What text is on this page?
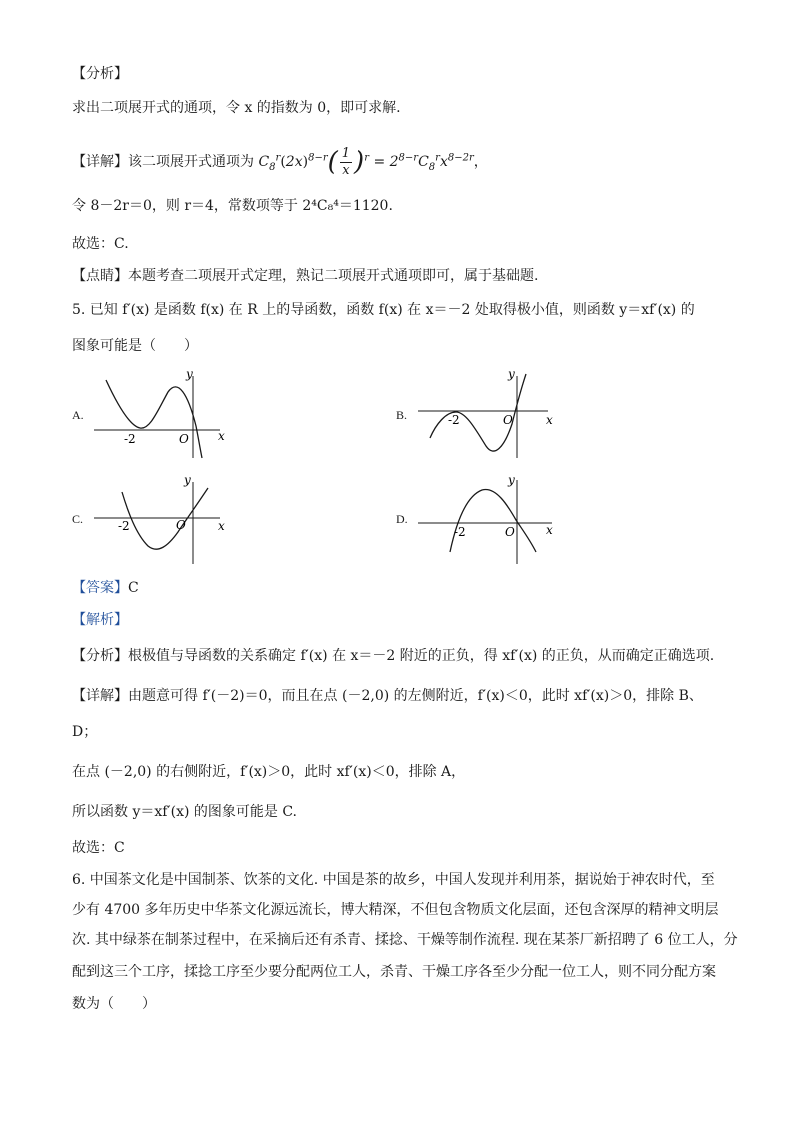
【分析】
求出二项展开式的通项，令 x 的指数为 0，即可求解.
【详解】该二项展开式通项为 $C_8^r(2x)^{8-r}( \frac{1}{x} )^r = 2^{8-r}C_8^rx^{8-2r}$，
令 8－2r＝0，则 r＝4，常数项等于 2⁴C₈⁴＝1120.
故选：C.
【点睛】本题考查二项展开式定理，熟记二项展开式通项即可，属于基础题.
5. 已知 f′(x) 是函数 f(x) 在 R 上的导函数，函数 f(x) 在 x＝－2 处取得极小值，则函数 y＝xf′(x) 的
图象可能是（　　）
A.
y
x
O
-2
B.
y
x
O
-2
C.
y
x
O
-2	D.
y
x
O
-2
【答案】C
【解析】
【分析】根极值与导函数的关系确定 f′(x) 在 x＝－2 附近的正负，得 xf′(x) 的正负，从而确定正确选项.
【详解】由题意可得 f′(－2)＝0，而且在点 (－2,0) 的左侧附近，f′(x)＜0，此时 xf′(x)＞0，排除 B、
D；
在点 (－2,0) 的右侧附近，f′(x)＞0，此时 xf′(x)＜0，排除 A，
所以函数 y＝xf′(x) 的图象可能是 C.
故选：C
6. 中国茶文化是中国制茶、饮茶的文化. 中国是茶的故乡，中国人发现并利用茶，据说始于神农时代，至
少有 4700 多年历史中华茶文化源远流长，博大精深，不但包含物质文化层面，还包含深厚的精神文明层
次. 其中绿茶在制茶过程中，在采摘后还有杀青、揉捻、干燥等制作流程. 现在某茶厂新招聘了 6 位工人，分
配到这三个工序，揉捻工序至少要分配两位工人，杀青、干燥工序各至少分配一位工人，则不同分配方案
数为（　　）
